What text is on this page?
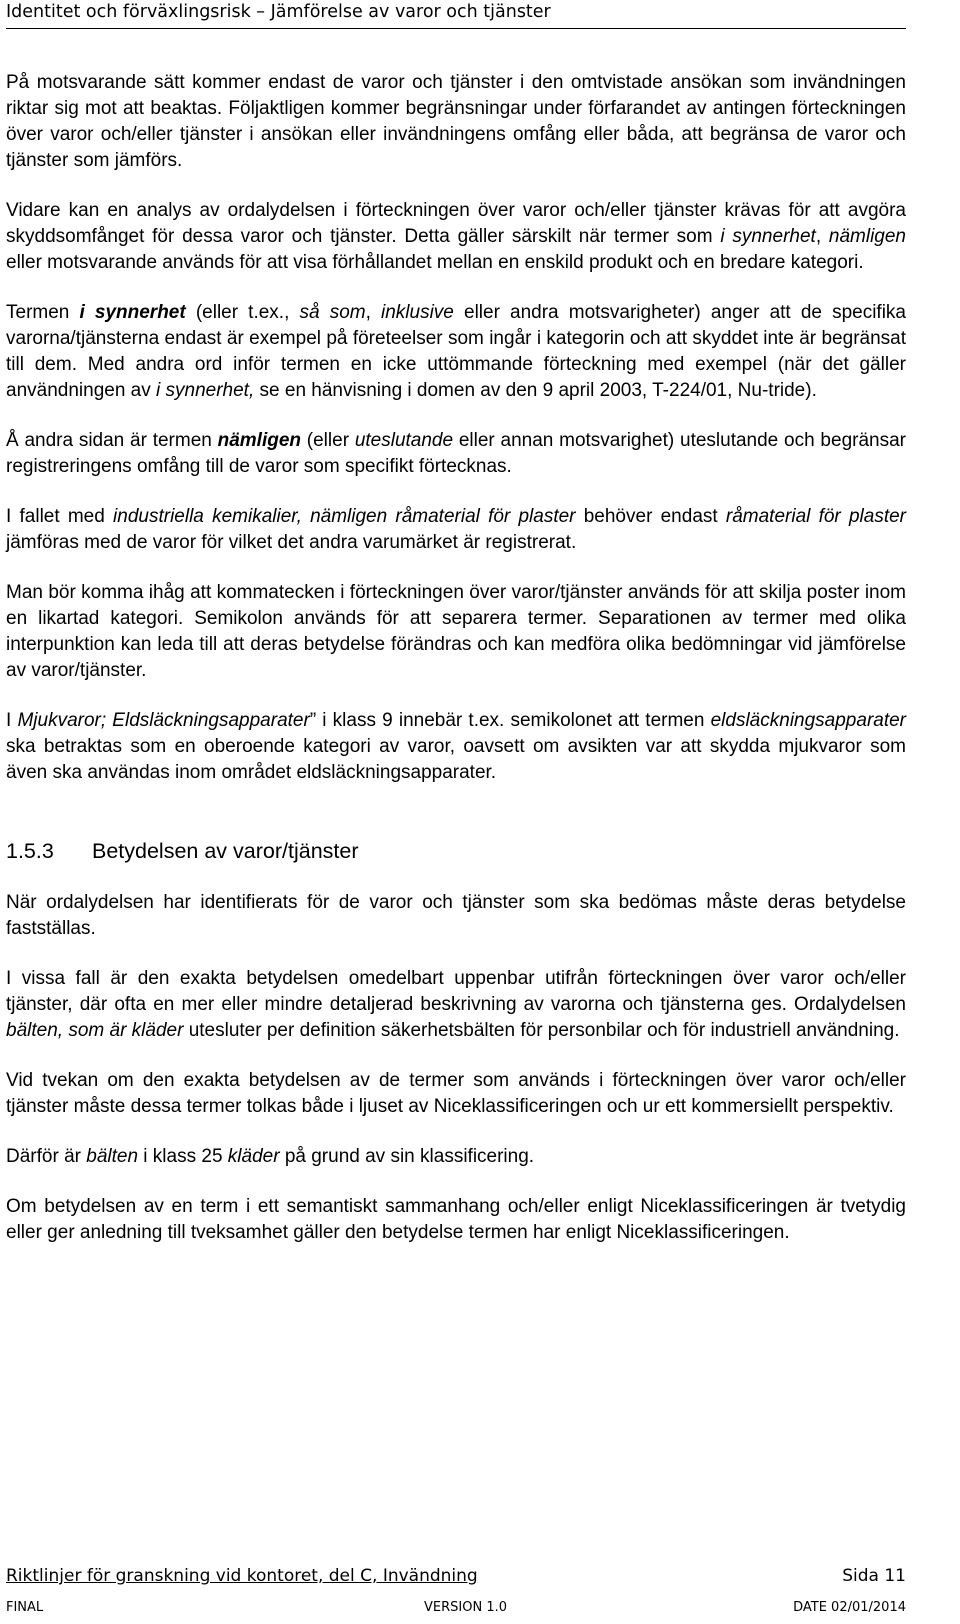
Identitet och förväxlingsrisk – Jämförelse av varor och tjänster

På motsvarande sätt kommer endast de varor och tjänster i den omtvistade ansökan som invändningen riktar sig mot att beaktas. Följaktligen kommer begränsningar under förfarandet av antingen förteckningen över varor och/eller tjänster i ansökan eller invändningens omfång eller båda, att begränsa de varor och tjänster som jämförs.

Vidare kan en analys av ordalydelsen i förteckningen över varor och/eller tjänster krävas för att avgöra skyddsomfånget för dessa varor och tjänster. Detta gäller särskilt när termer som i synnerhet, nämligen eller motsvarande används för att visa förhållandet mellan en enskild produkt och en bredare kategori.

Termen i synnerhet (eller t.ex., så som, inklusive eller andra motsvarigheter) anger att de specifika varorna/tjänsterna endast är exempel på företeelser som ingår i kategorin och att skyddet inte är begränsat till dem. Med andra ord inför termen en icke uttömmande förteckning med exempel (när det gäller användningen av i synnerhet, se en hänvisning i domen av den 9 april 2003, T-224/01, Nu-tride).

Å andra sidan är termen nämligen (eller uteslutande eller annan motsvarighet) uteslutande och begränsar registreringens omfång till de varor som specifikt förtecknas.

I fallet med industriella kemikalier, nämligen råmaterial för plaster behöver endast råmaterial för plaster jämföras med de varor för vilket det andra varumärket är registrerat.

Man bör komma ihåg att kommatecken i förteckningen över varor/tjänster används för att skilja poster inom en likartad kategori. Semikolon används för att separera termer. Separationen av termer med olika interpunktion kan leda till att deras betydelse förändras och kan medföra olika bedömningar vid jämförelse av varor/tjänster.

I Mjukvaror; Eldsläckningsapparater” i klass 9 innebär t.ex. semikolonet att termen eldsläckningsapparater ska betraktas som en oberoende kategori av varor, oavsett om avsikten var att skydda mjukvaror som även ska användas inom området eldsläckningsapparater.

1.5.3	Betydelsen av varor/tjänster

När ordalydelsen har identifierats för de varor och tjänster som ska bedömas måste deras betydelse fastställas.

I vissa fall är den exakta betydelsen omedelbart uppenbar utifrån förteckningen över varor och/eller tjänster, där ofta en mer eller mindre detaljerad beskrivning av varorna och tjänsterna ges. Ordalydelsen bälten, som är kläder utesluter per definition säkerhetsbälten för personbilar och för industriell användning.

Vid tvekan om den exakta betydelsen av de termer som används i förteckningen över varor och/eller tjänster måste dessa termer tolkas både i ljuset av Niceklassificeringen och ur ett kommersiellt perspektiv.

Därför är bälten i klass 25 kläder på grund av sin klassificering.

Om betydelsen av en term i ett semantiskt sammanhang och/eller enligt Niceklassificeringen är tvetydig eller ger anledning till tveksamhet gäller den betydelse termen har enligt Niceklassificeringen.

Riktlinjer för granskning vid kontoret, del C, Invändning	Sida 11
FINAL	VERSION 1.0	DATE 02/01/2014
